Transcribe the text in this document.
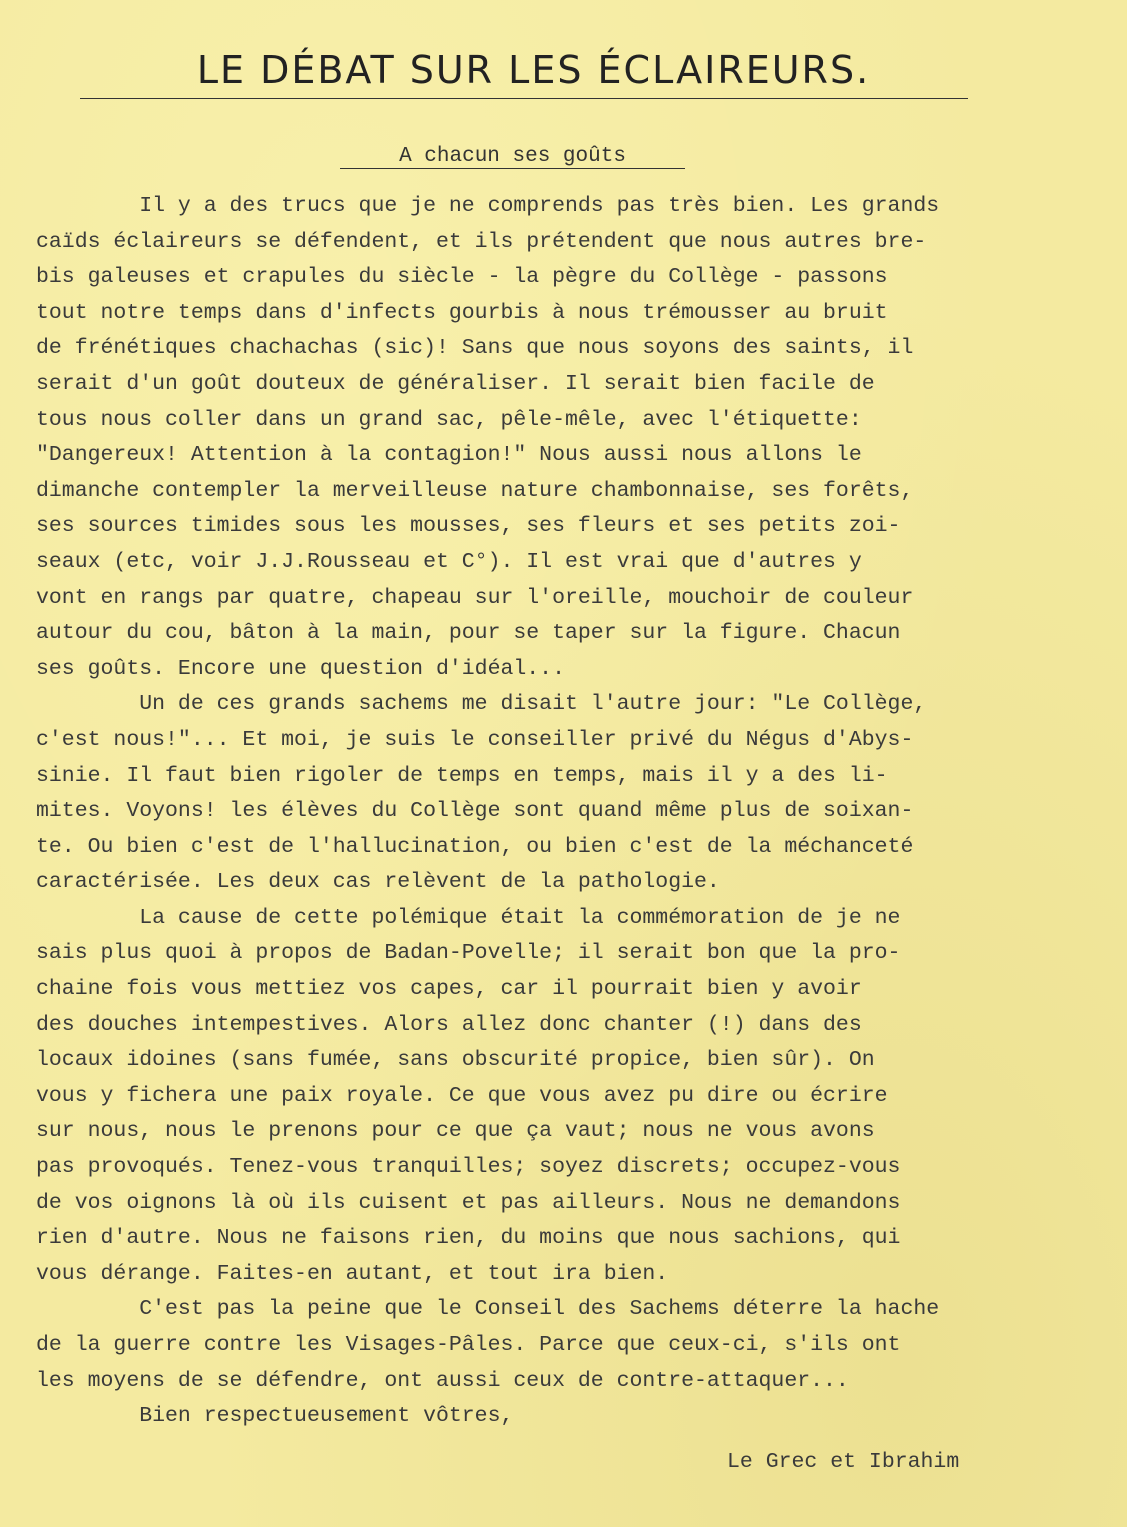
LE DÉBAT SUR LES ÉCLAIREURS.
A chacun ses goûts
Il y a des trucs que je ne comprends pas très bien. Les grands
caïds éclaireurs se défendent, et ils prétendent que nous autres bre-
bis galeuses et crapules du siècle - la pègre du Collège - passons
tout notre temps dans d'infects gourbis à nous trémousser au bruit
de frénétiques chachachas (sic)! Sans que nous soyons des saints, il
serait d'un goût douteux de généraliser. Il serait bien facile de
tous nous coller dans un grand sac, pêle-mêle, avec l'étiquette:
"Dangereux! Attention à la contagion!" Nous aussi nous allons le
dimanche contempler la merveilleuse nature chambonnaise, ses forêts,
ses sources timides sous les mousses, ses fleurs et ses petits zoi-
seaux (etc, voir J.J.Rousseau et C°). Il est vrai que d'autres y
vont en rangs par quatre, chapeau sur l'oreille, mouchoir de couleur
autour du cou, bâton à la main, pour se taper sur la figure. Chacun
ses goûts. Encore une question d'idéal...
Un de ces grands sachems me disait l'autre jour: "Le Collège,
c'est nous!"... Et moi, je suis le conseiller privé du Négus d'Abys-
sinie. Il faut bien rigoler de temps en temps, mais il y a des li-
mites. Voyons! les élèves du Collège sont quand même plus de soixan-
te. Ou bien c'est de l'hallucination, ou bien c'est de la méchanceté
caractérisée. Les deux cas relèvent de la pathologie.
La cause de cette polémique était la commémoration de je ne
sais plus quoi à propos de Badan-Povelle; il serait bon que la pro-
chaine fois vous mettiez vos capes, car il pourrait bien y avoir
des douches intempestives. Alors allez donc chanter (!) dans des
locaux idoines (sans fumée, sans obscurité propice, bien sûr). On
vous y fichera une paix royale. Ce que vous avez pu dire ou écrire
sur nous, nous le prenons pour ce que ça vaut; nous ne vous avons
pas provoqués. Tenez-vous tranquilles; soyez discrets; occupez-vous
de vos oignons là où ils cuisent et pas ailleurs. Nous ne demandons
rien d'autre. Nous ne faisons rien, du moins que nous sachions, qui
vous dérange. Faites-en autant, et tout ira bien.
C'est pas la peine que le Conseil des Sachems déterre la hache
de la guerre contre les Visages-Pâles. Parce que ceux-ci, s'ils ont
les moyens de se défendre, ont aussi ceux de contre-attaquer...
Bien respectueusement vôtres,
Le Grec et Ibrahim
